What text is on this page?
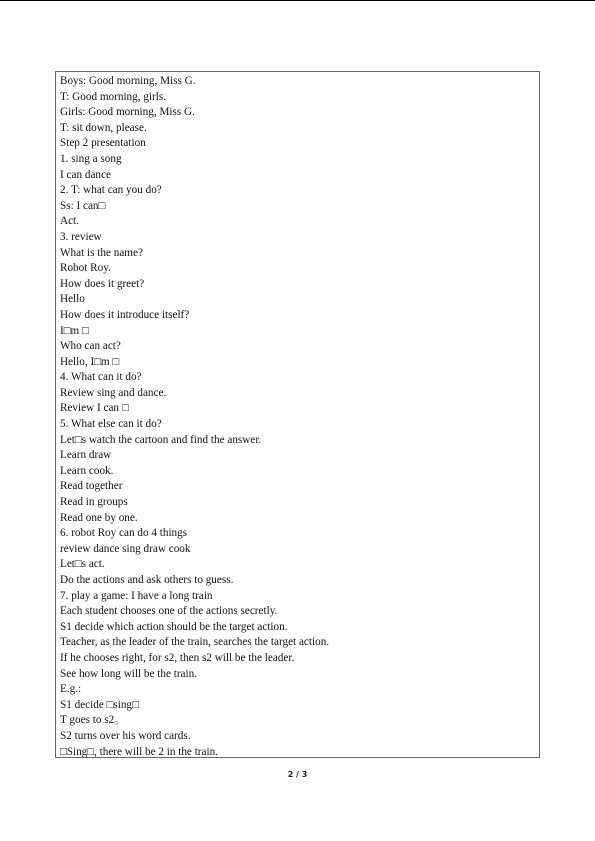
Boys: Good morning, Miss G.
T: Good morning, girls.
Girls: Good morning, Miss G.
T: sit down, please.
Step 2 presentation
1. sing a song
I can dance
2. T: what can you do?
Ss: I can□
Act.
3. review
What is the name?
Robot Roy.
How does it greet?
Hello
How does it introduce itself?
I□m □
Who can act?
Hello, I□m □
4. What can it do?
Review sing and dance.
Review I can □
5. What else can it do?
Let□s watch the cartoon and find the answer.
Learn draw
Learn cook.
Read together
Read in groups
Read one by one.
6. robot Roy can do 4 things
review dance sing draw cook
Let□s act.
Do the actions and ask others to guess.
7. play a game: I have a long train
Each student chooses one of the actions secretly.
S1 decide which action should be the target action.
Teacher, as the leader of the train, searches the target action.
If he chooses right, for s2, then s2 will be the leader.
See how long will be the train.
E.g.:
S1 decide □sing□
T goes to s2。
S2 turns over his word cards.
□Sing□, there will be 2 in the train.
2 / 3
